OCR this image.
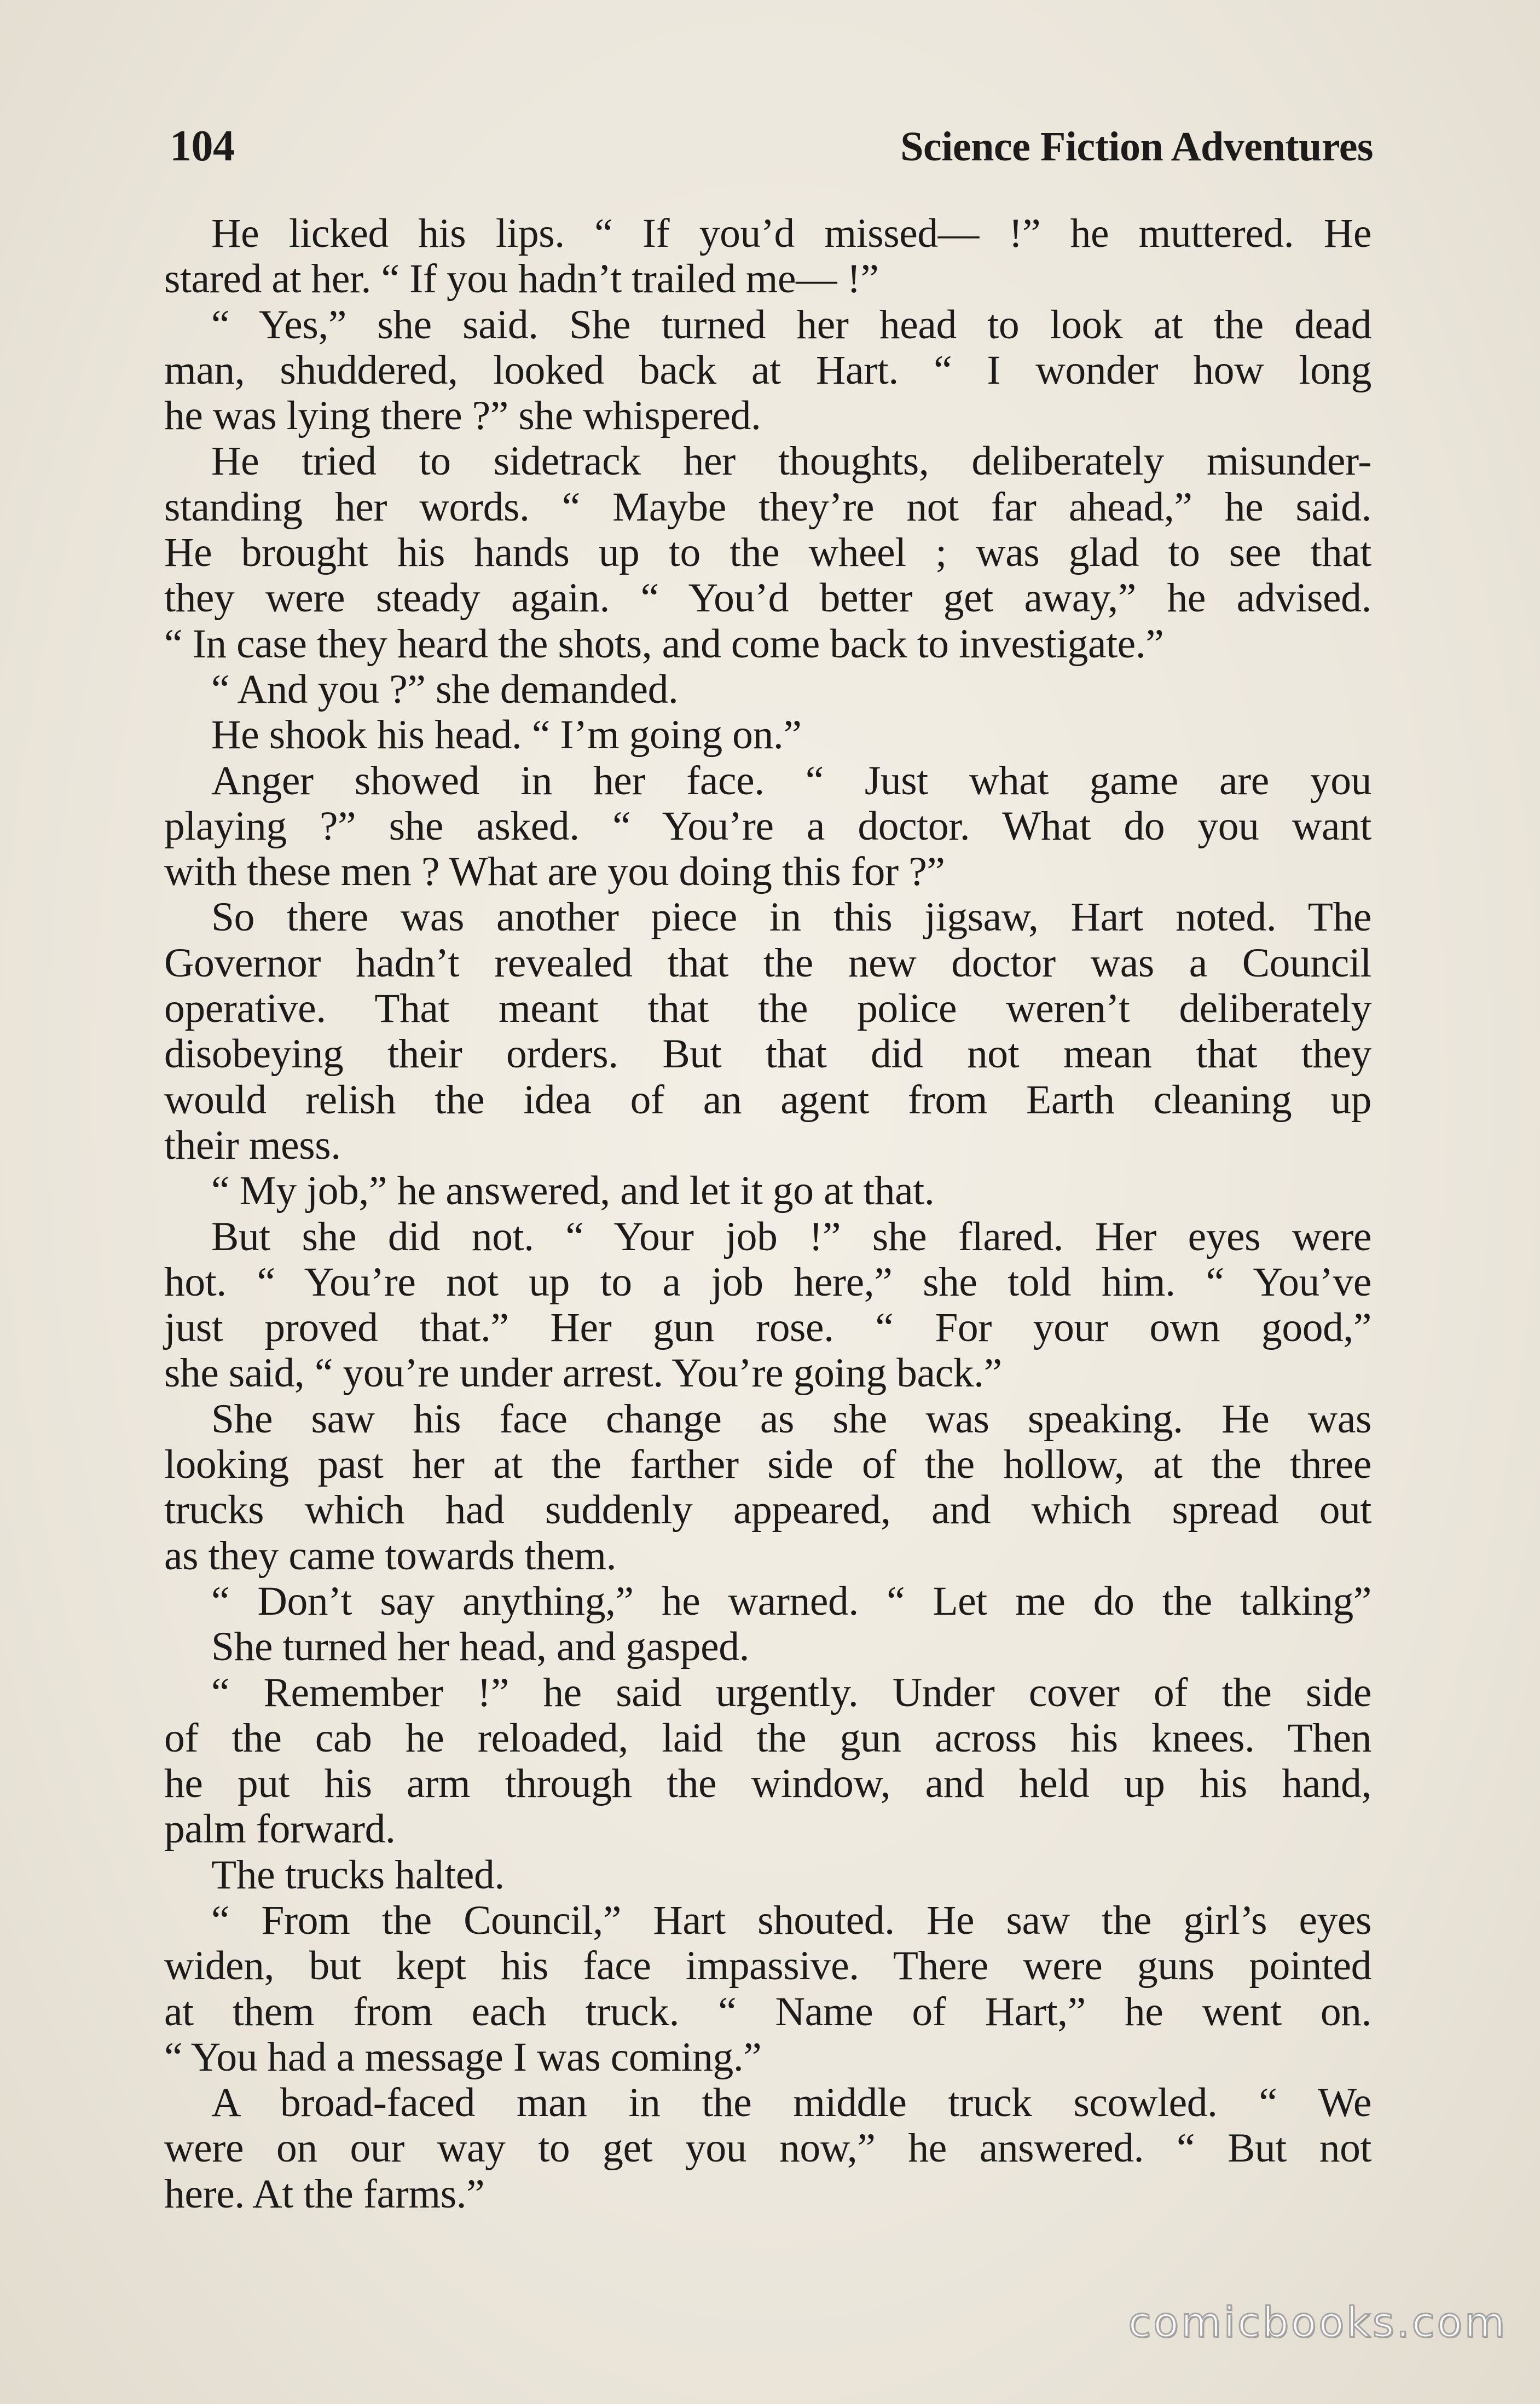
104	Science Fiction Adventures
He licked his lips. “ If you’d missed— !” he muttered. He
stared at her. “ If you hadn’t trailed me— !”
“ Yes,” she said. She turned her head to look at the dead
man, shuddered, looked back at Hart. “ I wonder how long
he was lying there ?” she whispered.
He tried to sidetrack her thoughts, deliberately misunder-
standing her words. “ Maybe they’re not far ahead,” he said.
He brought his hands up to the wheel ; was glad to see that
they were steady again. “ You’d better get away,” he advised.
“ In case they heard the shots, and come back to investigate.”
“ And you ?” she demanded.
He shook his head. “ I’m going on.”
Anger showed in her face. “ Just what game are you
playing ?” she asked. “ You’re a doctor. What do you want
with these men ? What are you doing this for ?”
So there was another piece in this jigsaw, Hart noted. The
Governor hadn’t revealed that the new doctor was a Council
operative. That meant that the police weren’t deliberately
disobeying their orders. But that did not mean that they
would relish the idea of an agent from Earth cleaning up
their mess.
“ My job,” he answered, and let it go at that.
But she did not. “ Your job !” she flared. Her eyes were
hot. “ You’re not up to a job here,” she told him. “ You’ve
just proved that.” Her gun rose. “ For your own good,”
she said, “ you’re under arrest. You’re going back.”
She saw his face change as she was speaking. He was
looking past her at the farther side of the hollow, at the three
trucks which had suddenly appeared, and which spread out
as they came towards them.
“ Don’t say anything,” he warned. “ Let me do the talking”
She turned her head, and gasped.
“ Remember !” he said urgently. Under cover of the side
of the cab he reloaded, laid the gun across his knees. Then
he put his arm through the window, and held up his hand,
palm forward.
The trucks halted.
“ From the Council,” Hart shouted. He saw the girl’s eyes
widen, but kept his face impassive. There were guns pointed
at them from each truck. “ Name of Hart,” he went on.
“ You had a message I was coming.”
A broad-faced man in the middle truck scowled. “ We
were on our way to get you now,” he answered. “ But not
here. At the farms.”
comicbooks.com
